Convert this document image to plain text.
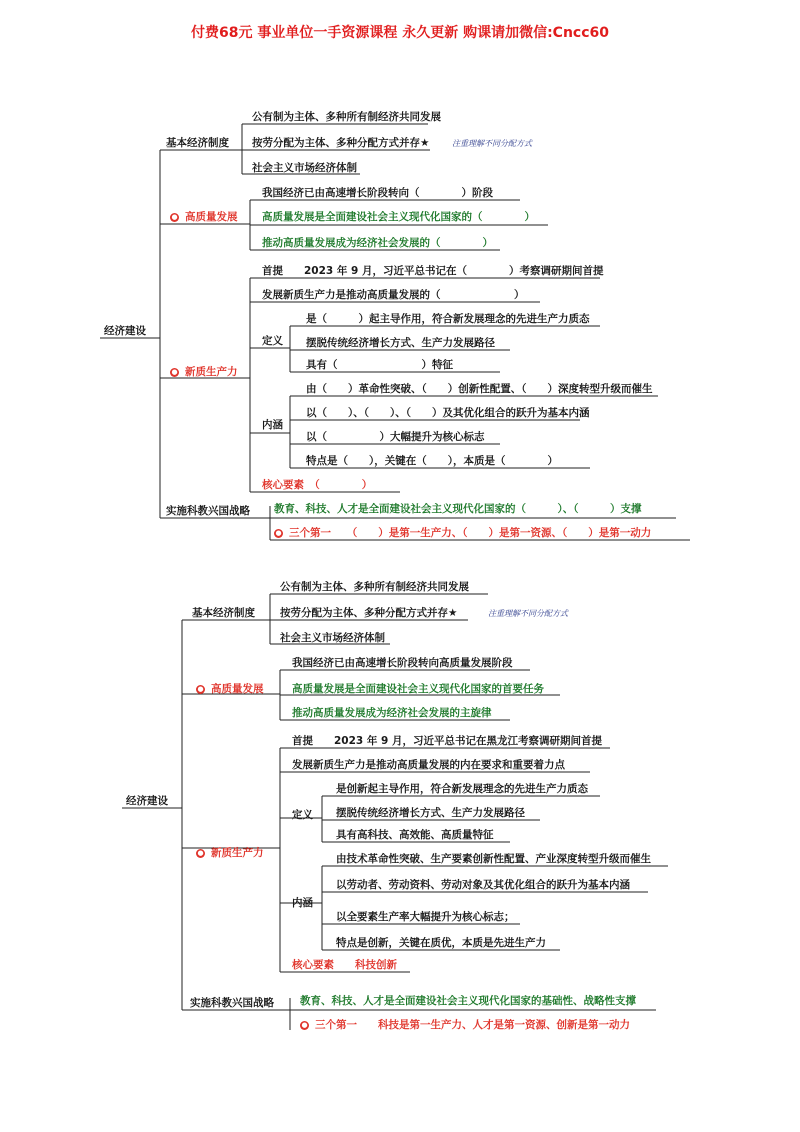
付费68元 事业单位一手资源课程 永久更新 购课请加微信:Cncc60
经济建设
基本经济制度
公有制为主体、多种所有制经济共同发展
按劳分配为主体、多种分配方式并存★	注重理解不同分配方式
社会主义市场经济体制
● 高质量发展
我国经济已由高速增长阶段转向（　　　　）阶段
高质量发展是全面建设社会主义现代化国家的（　　　　）
推动高质量发展成为经济社会发展的（　　　　）
● 新质生产力
首提　　2023 年 9 月，习近平总书记在（　　　　）考察调研期间首提
发展新质生产力是推动高质量发展的（　　　　　　　）
定义
是（　　　）起主导作用，符合新发展理念的先进生产力质态
摆脱传统经济增长方式、生产力发展路径
具有（　　　　　　　　）特征
内涵
由（　　）革命性突破、（　　）创新性配置、（　　）深度转型升级而催生
以（　　）、（　　）、（　　）及其优化组合的跃升为基本内涵
以（　　　　　）大幅提升为核心标志
特点是（　　），关键在（　　），本质是（　　　　）
核心要素　（　　　　）
实施科教兴国战略 教育、科技、人才是全面建设社会主义现代化国家的（　　　）、（　　　）支撑
● 三个第一　　（　　）是第一生产力、（　　）是第一资源、（　　）是第一动力
经济建设
基本经济制度
公有制为主体、多种所有制经济共同发展
按劳分配为主体、多种分配方式并存★	注重理解不同分配方式
社会主义市场经济体制
● 高质量发展
我国经济已由高速增长阶段转向高质量发展阶段
高质量发展是全面建设社会主义现代化国家的首要任务
推动高质量发展成为经济社会发展的主旋律
● 新质生产力
首提　　2023 年 9 月，习近平总书记在黑龙江考察调研期间首提
发展新质生产力是推动高质量发展的内在要求和重要着力点
定义
是创新起主导作用，符合新发展理念的先进生产力质态
摆脱传统经济增长方式、生产力发展路径
具有高科技、高效能、高质量特征
内涵
由技术革命性突破、生产要素创新性配置、产业深度转型升级而催生
以劳动者、劳动资料、劳动对象及其优化组合的跃升为基本内涵
以全要素生产率大幅提升为核心标志；
特点是创新，关键在质优，本质是先进生产力
核心要素　　科技创新
实施科教兴国战略 教育、科技、人才是全面建设社会主义现代化国家的基础性、战略性支撑
● 三个第一　　科技是第一生产力、人才是第一资源、创新是第一动力
